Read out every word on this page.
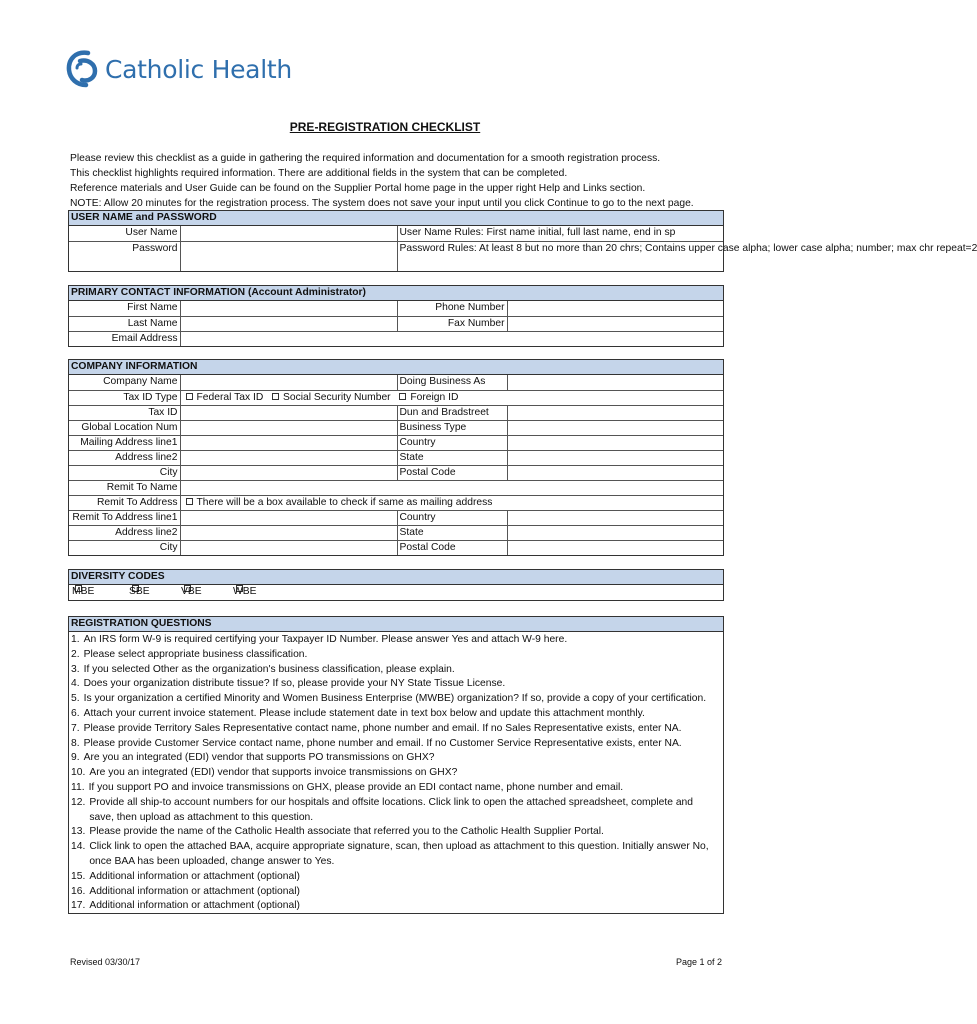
Catholic Health
PRE-REGISTRATION CHECKLIST
Please review this checklist as a guide in gathering the required information and documentation for a smooth registration process.
This checklist highlights required information. There are additional fields in the system that can be completed.
Reference materials and User Guide can be found on the Supplier Portal home page in the upper right Help and Links section.
NOTE: Allow 20 minutes for the registration process. The system does not save your input until you click Continue to go to the next page.
USER NAME and PASSWORD
User Name		User Name Rules: First name initial, full last name, end in sp
Password		Password Rules: At least 8 but no more than 20 chrs; Contains upper case alpha; lower case alpha; number; max chr repeat=2
PRIMARY CONTACT INFORMATION (Account Administrator)
First Name		Phone Number	
Last Name		Fax Number	
Email Address			
COMPANY INFORMATION
Company Name		Doing Business As	
Tax ID Type	Federal Tax ID Social Security Number Foreign ID		
Tax ID		Dun and Bradstreet	
Global Location Num		Business Type	
Mailing Address line1		Country	
Address line2		State	
City		Postal Code	
Remit To Name			
Remit To Address	There will be a box available to check if same as mailing address		
Remit To Address line1		Country	
Address line2		State	
City		Postal Code	
DIVERSITY CODES
MBE	SBE	VBE	WBE
REGISTRATION QUESTIONS
1. An IRS form W-9 is required certifying your Taxpayer ID Number. Please answer Yes and attach W-9 here.
2. Please select appropriate business classification.
3. If you selected Other as the organization's business classification, please explain.
4. Does your organization distribute tissue? If so, please provide your NY State Tissue License.
5. Is your organization a certified Minority and Women Business Enterprise (MWBE) organization? If so, provide a copy of your certification.
6. Attach your current invoice statement. Please include statement date in text box below and update this attachment monthly.
7. Please provide Territory Sales Representative contact name, phone number and email. If no Sales Representative exists, enter NA.
8. Please provide Customer Service contact name, phone number and email. If no Customer Service Representative exists, enter NA.
9. Are you an integrated (EDI) vendor that supports PO transmissions on GHX?
10. Are you an integrated (EDI) vendor that supports invoice transmissions on GHX?
11. If you support PO and invoice transmissions on GHX, please provide an EDI contact name, phone number and email.
12. Provide all ship-to account numbers for our hospitals and offsite locations. Click link to open the attached spreadsheet, complete and save, then upload as attachment to this question.
13. Please provide the name of the Catholic Health associate that referred you to the Catholic Health Supplier Portal.
14. Click link to open the attached BAA, acquire appropriate signature, scan, then upload as attachment to this question. Initially answer No, once BAA has been uploaded, change answer to Yes.
15. Additional information or attachment (optional)
16. Additional information or attachment (optional)
17. Additional information or attachment (optional)
Revised 03/30/17	Page 1 of 2
